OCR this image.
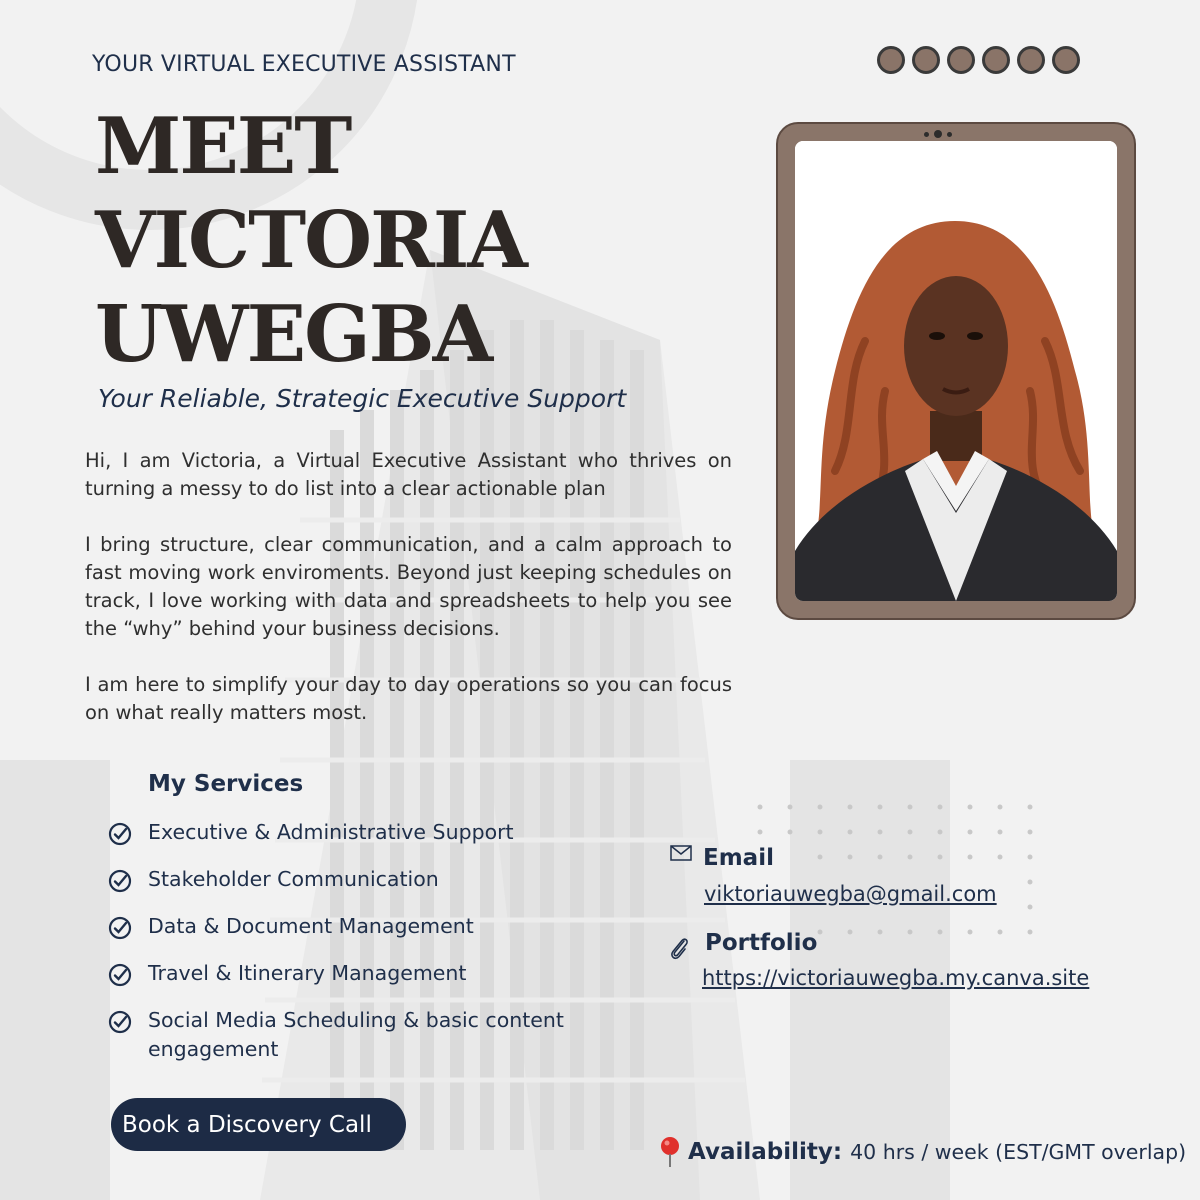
YOUR VIRTUAL EXECUTIVE ASSISTANT
MEET
VICTORIA
UWEGBA
Your Reliable, Strategic Executive Support

Hi, I am Victoria, a Virtual Executive Assistant who thrives on turning a messy to do list into a clear actionable plan

I bring structure, clear communication, and a calm approach to fast moving work enviroments. Beyond just keeping schedules on track, I love working with data and spreadsheets to help you see the “why” behind your business decisions.

I am here to simplify your day to day operations so you can focus on what really matters most.

My Services
Executive & Administrative Support
Stakeholder Communication
Data & Document Management
Travel & Itinerary Management
Social Media Scheduling & basic content engagement
Book a Discovery Call
Email
viktoriauwegba@gmail.com
Portfolio
https://victoriauwegba.my.canva.site
Availability: 40 hrs / week (EST/GMT overlap)
